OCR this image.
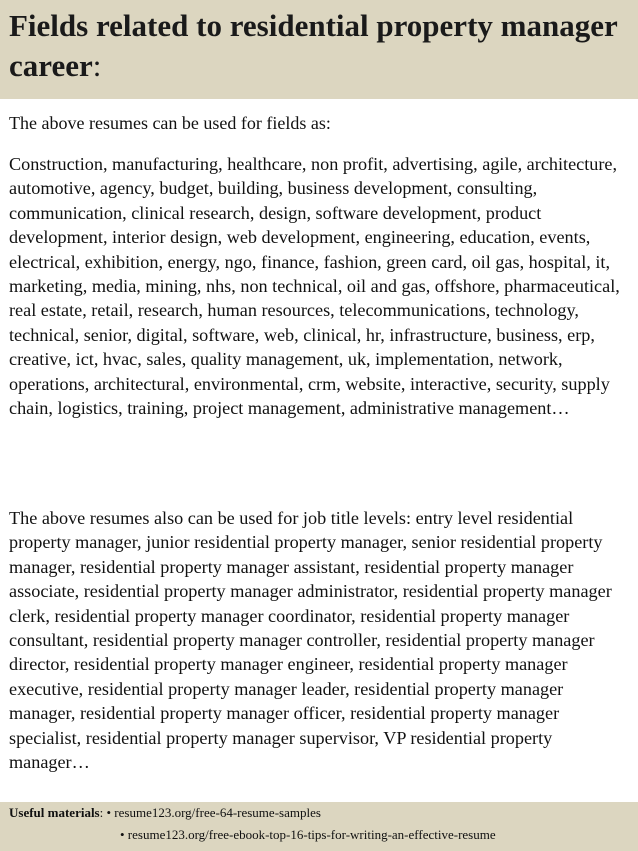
Fields related to residential property manager career:

The above resumes can be used for fields as:

Construction, manufacturing, healthcare, non profit, advertising, agile, architecture, automotive, agency, budget, building, business development, consulting, communication, clinical research, design, software development, product development, interior design, web development, engineering, education, events, electrical, exhibition, energy, ngo, finance, fashion, green card, oil gas, hospital, it, marketing, media, mining, nhs, non technical, oil and gas, offshore, pharmaceutical, real estate, retail, research, human resources, telecommunications, technology, technical, senior, digital, software, web, clinical, hr, infrastructure, business, erp, creative, ict, hvac, sales, quality management, uk, implementation, network, operations, architectural, environmental, crm, website, interactive, security, supply chain, logistics, training, project management, administrative management…

The above resumes also can be used for job title levels: entry level residential property manager, junior residential property manager, senior residential property manager, residential property manager assistant, residential property manager associate, residential property manager administrator, residential property manager clerk, residential property manager coordinator, residential property manager consultant, residential property manager controller, residential property manager director, residential property manager engineer, residential property manager executive, residential property manager leader, residential property manager manager, residential property manager officer, residential property manager specialist, residential property manager supervisor, VP residential property manager…

Useful materials: • resume123.org/free-64-resume-samples
• resume123.org/free-ebook-top-16-tips-for-writing-an-effective-resume
